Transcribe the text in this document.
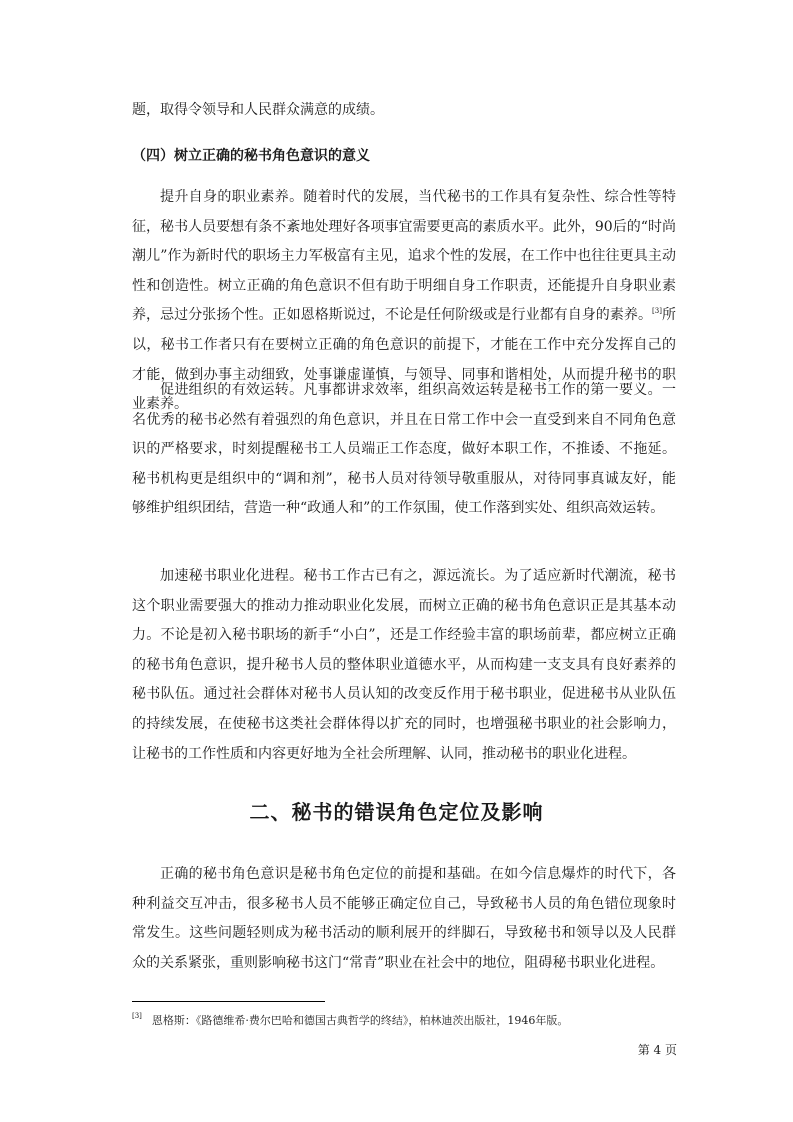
题，取得令领导和人民群众满意的成绩。

（四）树立正确的秘书角色意识的意义

提升自身的职业素养。随着时代的发展，当代秘书的工作具有复杂性、综合性等特征，秘书人员要想有条不紊地处理好各项事宜需要更高的素质水平。此外，90后的“时尚潮儿”作为新时代的职场主力军极富有主见，追求个性的发展，在工作中也往往更具主动性和创造性。树立正确的角色意识不但有助于明细自身工作职责，还能提升自身职业素养，忌过分张扬个性。正如恩格斯说过，不论是任何阶级或是行业都有自身的素养。[3]所以，秘书工作者只有在要树立正确的角色意识的前提下，才能在工作中充分发挥自己的才能，做到办事主动细致，处事谦虚谨慎，与领导、同事和谐相处，从而提升秘书的职业素养。

促进组织的有效运转。凡事都讲求效率，组织高效运转是秘书工作的第一要义。一名优秀的秘书必然有着强烈的角色意识，并且在日常工作中会一直受到来自不同角色意识的严格要求，时刻提醒秘书工人员端正工作态度，做好本职工作，不推诿、不拖延。秘书机构更是组织中的“调和剂”，秘书人员对待领导敬重服从，对待同事真诚友好，能够维护组织团结，营造一种“政通人和”的工作氛围，使工作落到实处、组织高效运转。

加速秘书职业化进程。秘书工作古已有之，源远流长。为了适应新时代潮流，秘书这个职业需要强大的推动力推动职业化发展，而树立正确的秘书角色意识正是其基本动力。不论是初入秘书职场的新手“小白”，还是工作经验丰富的职场前辈，都应树立正确的秘书角色意识，提升秘书人员的整体职业道德水平，从而构建一支支具有良好素养的秘书队伍。通过社会群体对秘书人员认知的改变反作用于秘书职业，促进秘书从业队伍的持续发展，在使秘书这类社会群体得以扩充的同时，也增强秘书职业的社会影响力，让秘书的工作性质和内容更好地为全社会所理解、认同，推动秘书的职业化进程。

二、秘书的错误角色定位及影响

正确的秘书角色意识是秘书角色定位的前提和基础。在如今信息爆炸的时代下，各种利益交互冲击，很多秘书人员不能够正确定位自己，导致秘书人员的角色错位现象时常发生。这些问题轻则成为秘书活动的顺利展开的绊脚石，导致秘书和领导以及人民群众的关系紧张，重则影响秘书这门“常青”职业在社会中的地位，阻碍秘书职业化进程。

[3] 恩格斯：《路德维希·费尔巴哈和德国古典哲学的终结》，柏林迪茨出版社，1946年版。

第 4 页
